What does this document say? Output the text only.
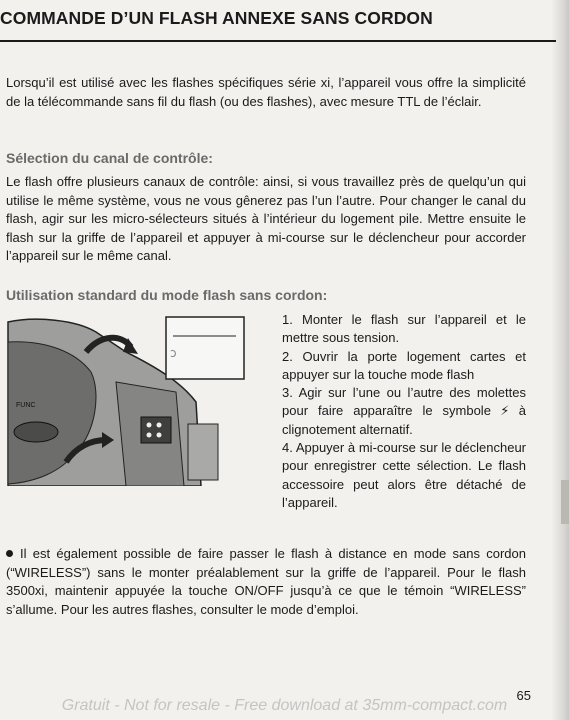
COMMANDE D’UN FLASH ANNEXE SANS CORDON

Lorsqu’il est utilisé avec les flashes spécifiques série xi, l’appareil vous offre la simplicité de la télécommande sans fil du flash (ou des flashes), avec mesure TTL de l’éclair.

Sélection du canal de contrôle:

Le flash offre plusieurs canaux de contrôle: ainsi, si vous travaillez près de quelqu’un qui utilise le même système, vous ne vous gênerez pas l’un l’autre. Pour changer le canal du flash, agir sur les micro-sélecteurs situés à l’intérieur du logement pile. Mettre ensuite le flash sur la griffe de l’appareil et appuyer à mi-course sur le déclencheur pour accorder l’appareil sur le même canal.

Utilisation standard du mode flash sans cordon:

FUNC
ↄ

1. Monter le flash sur l’appareil et le mettre sous tension.

2. Ouvrir la porte logement cartes et appuyer sur la touche mode flash

3. Agir sur l’une ou l’autre des molettes pour faire apparaître le symbole ⚡ à clignotement alternatif.

4. Appuyer à mi-course sur le déclencheur pour enregistrer cette sélection. Le flash accessoire peut alors être détaché de l’appareil.

Il est également possible de faire passer le flash à distance en mode sans cordon (“WIRELESS”) sans le monter préalablement sur la griffe de l’appareil. Pour le flash 3500xi, maintenir appuyée la touche ON/OFF jusqu’à ce que le témoin “WIRELESS” s’allume. Pour les autres flashes, consulter le mode d’emploi.

65
Gratuit - Not for resale - Free download at 35mm-compact.com
